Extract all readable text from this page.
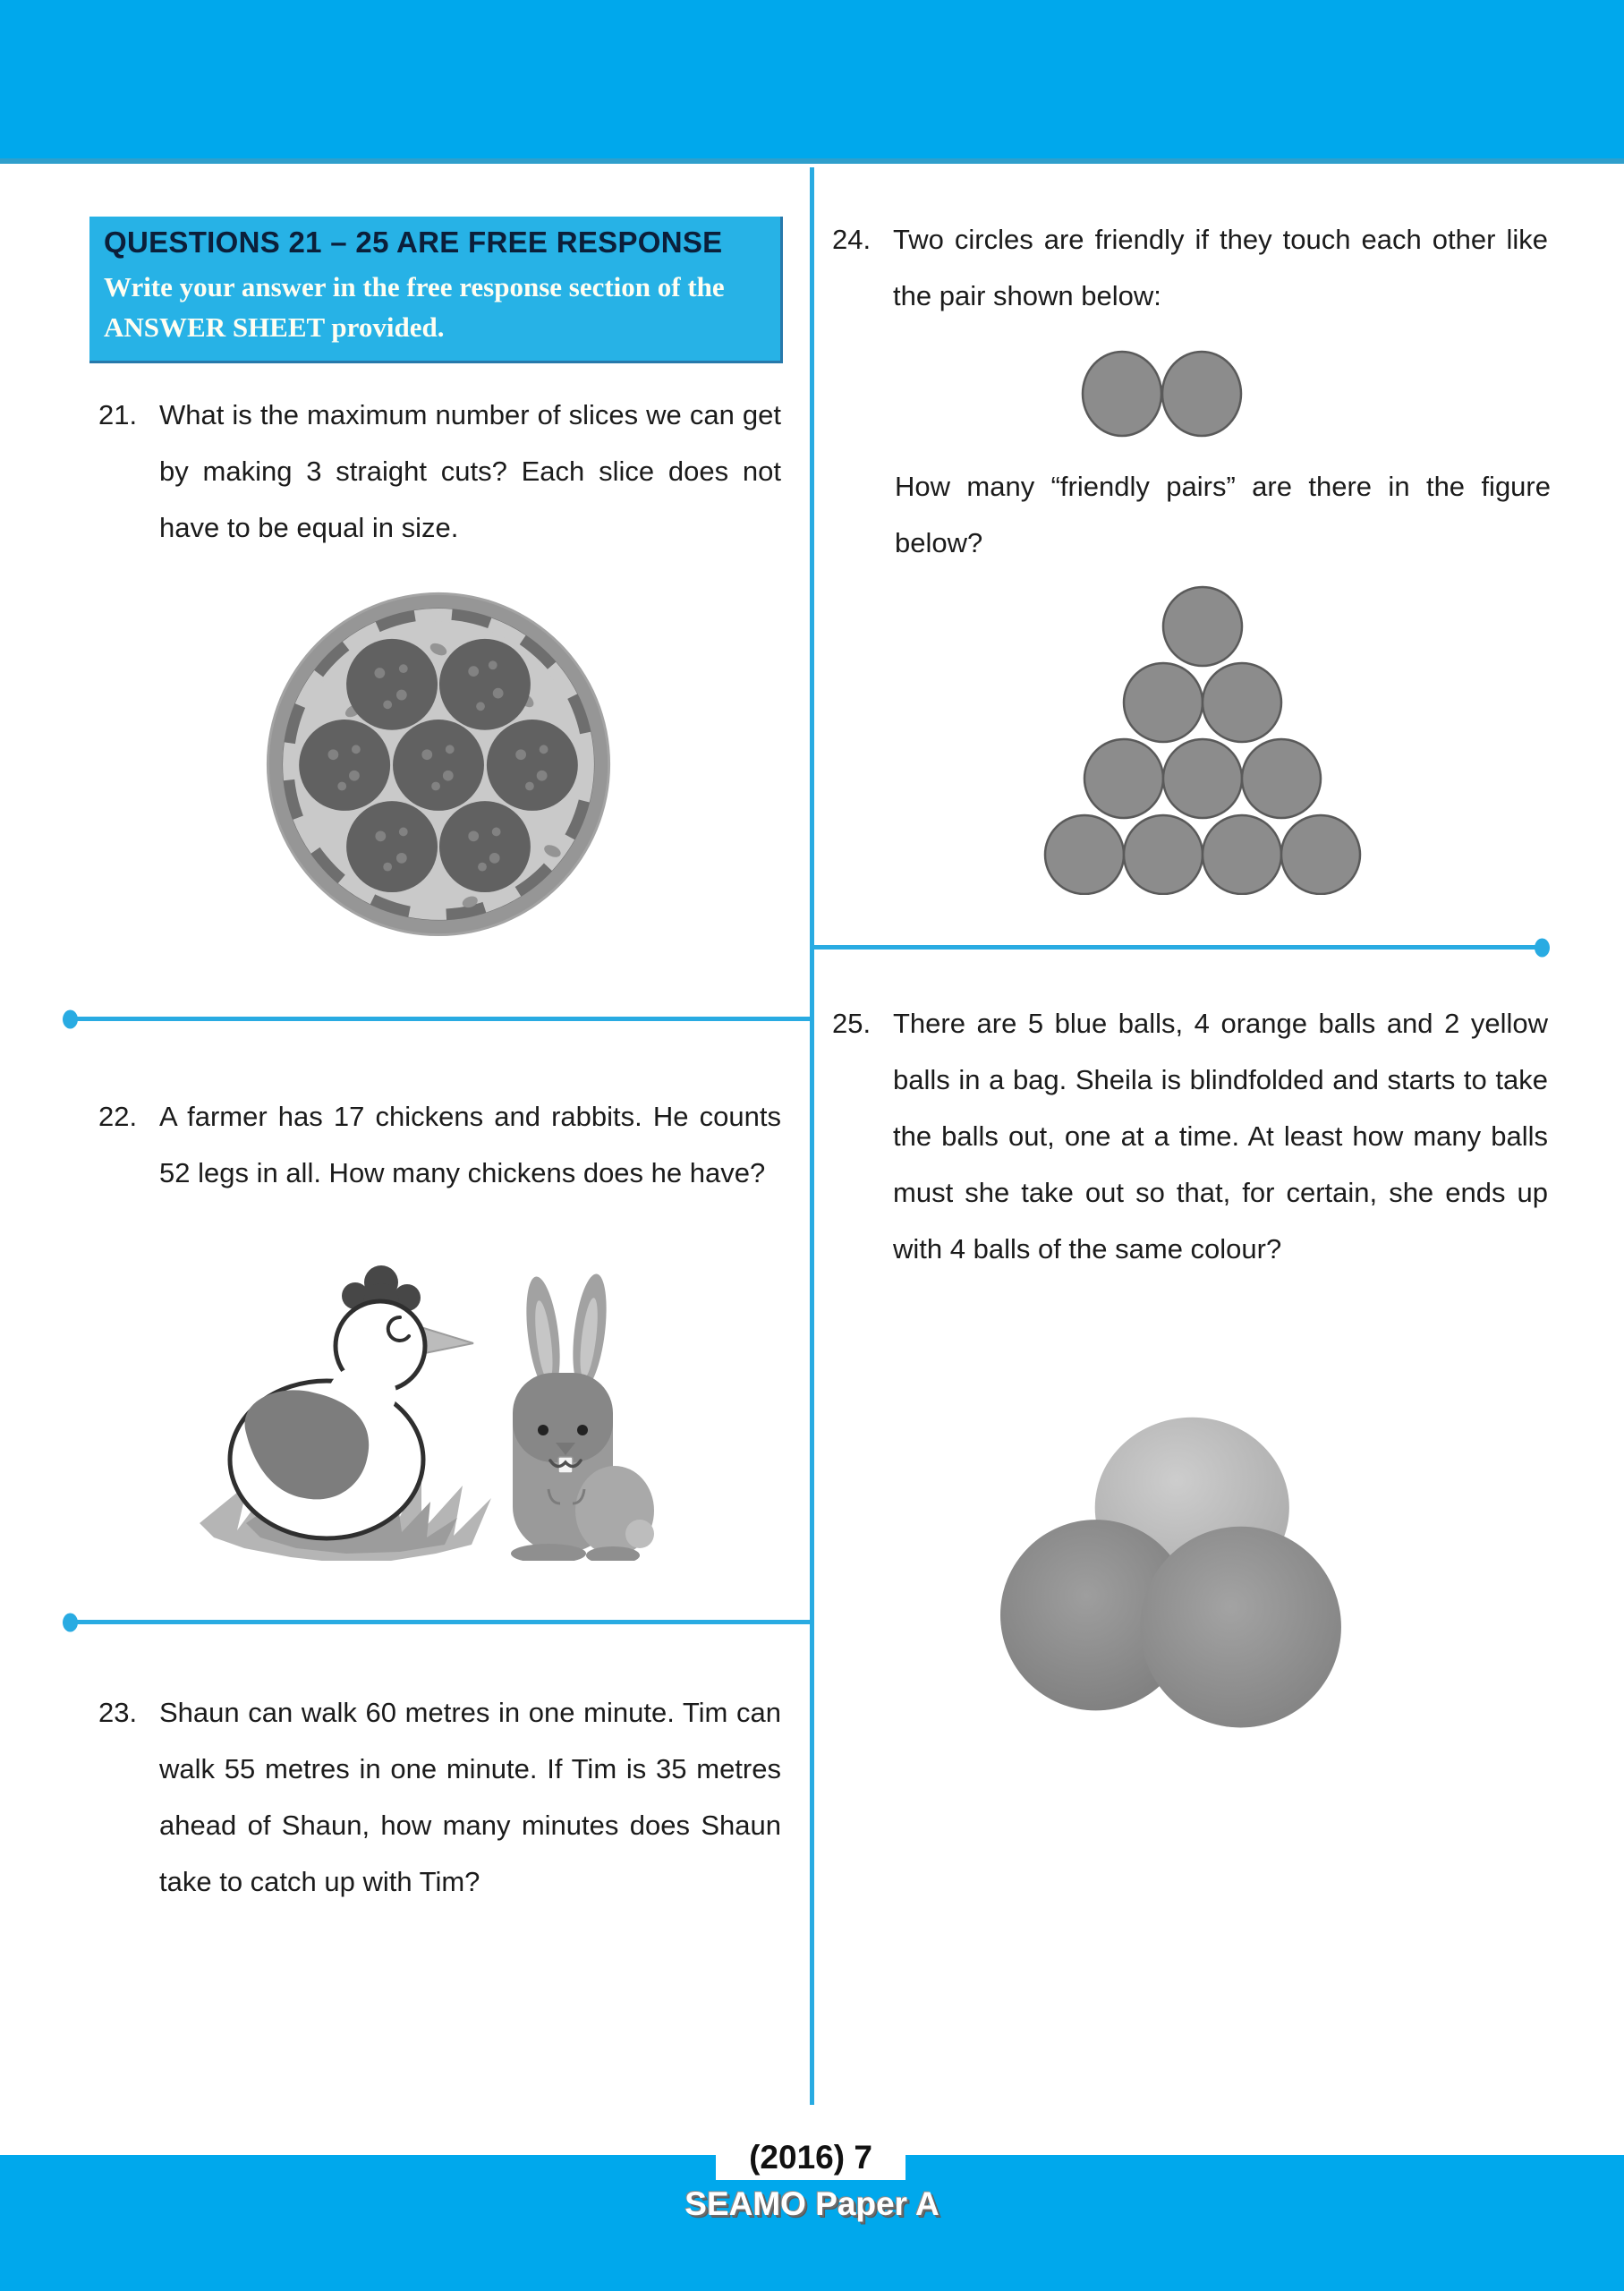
QUESTIONS 21 – 25 ARE FREE RESPONSE
Write your answer in the free response section of the ANSWER SHEET provided.
21. What is the maximum number of slices we can get by making 3 straight cuts? Each slice does not have to be equal in size.

22. A farmer has 17 chickens and rabbits. He counts 52 legs in all. How many chickens does he have?

23. Shaun can walk 60 metres in one minute. Tim can walk 55 metres in one minute. If Tim is 35 metres ahead of Shaun, how many minutes does Shaun take to catch up with Tim?

24. Two circles are friendly if they touch each other like the pair shown below:

How many “friendly pairs” are there in the figure below?

25. There are 5 blue balls, 4 orange balls and 2 yellow balls in a bag. Sheila is blindfolded and starts to take the balls out, one at a time. At least how many balls must she take out so that, for certain, she ends up with 4 balls of the same colour?

(2016) 7
SEAMO Paper A
